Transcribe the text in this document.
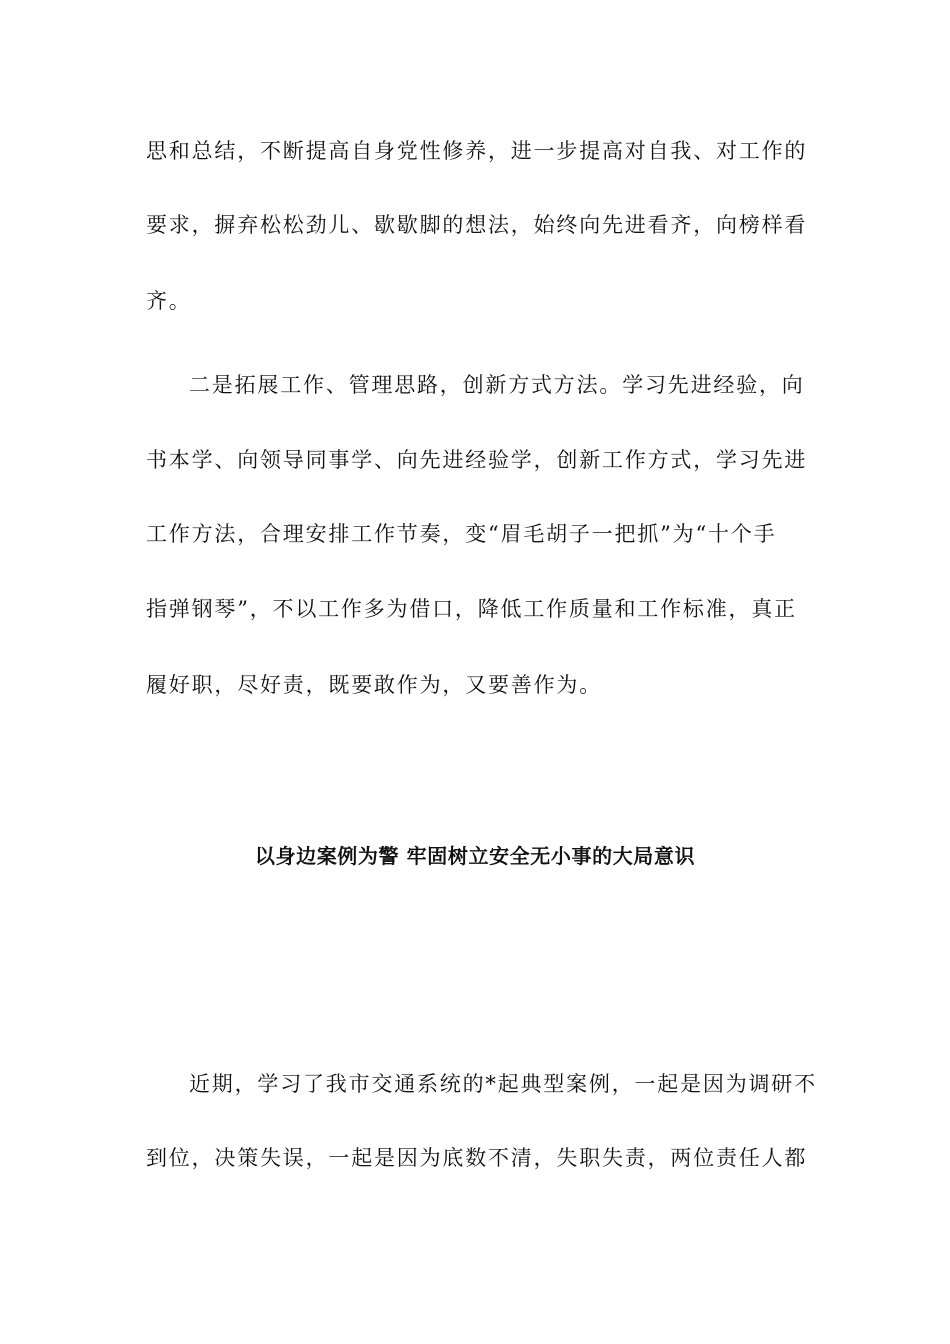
思和总结，不断提高自身党性修养，进一步提高对自我、对工作的
要求，摒弃松松劲儿、歇歇脚的想法，始终向先进看齐，向榜样看
齐。
二是拓展工作、管理思路，创新方式方法。学习先进经验，向
书本学、向领导同事学、向先进经验学，创新工作方式，学习先进
工作方法，合理安排工作节奏，变“眉毛胡子一把抓”为“十个手
指弹钢琴”，不以工作多为借口，降低工作质量和工作标准，真正
履好职，尽好责，既要敢作为，又要善作为。
以身边案例为警 牢固树立安全无小事的大局意识
近期，学习了我市交通系统的*起典型案例，一起是因为调研不
到位，决策失误，一起是因为底数不清，失职失责，两位责任人都
